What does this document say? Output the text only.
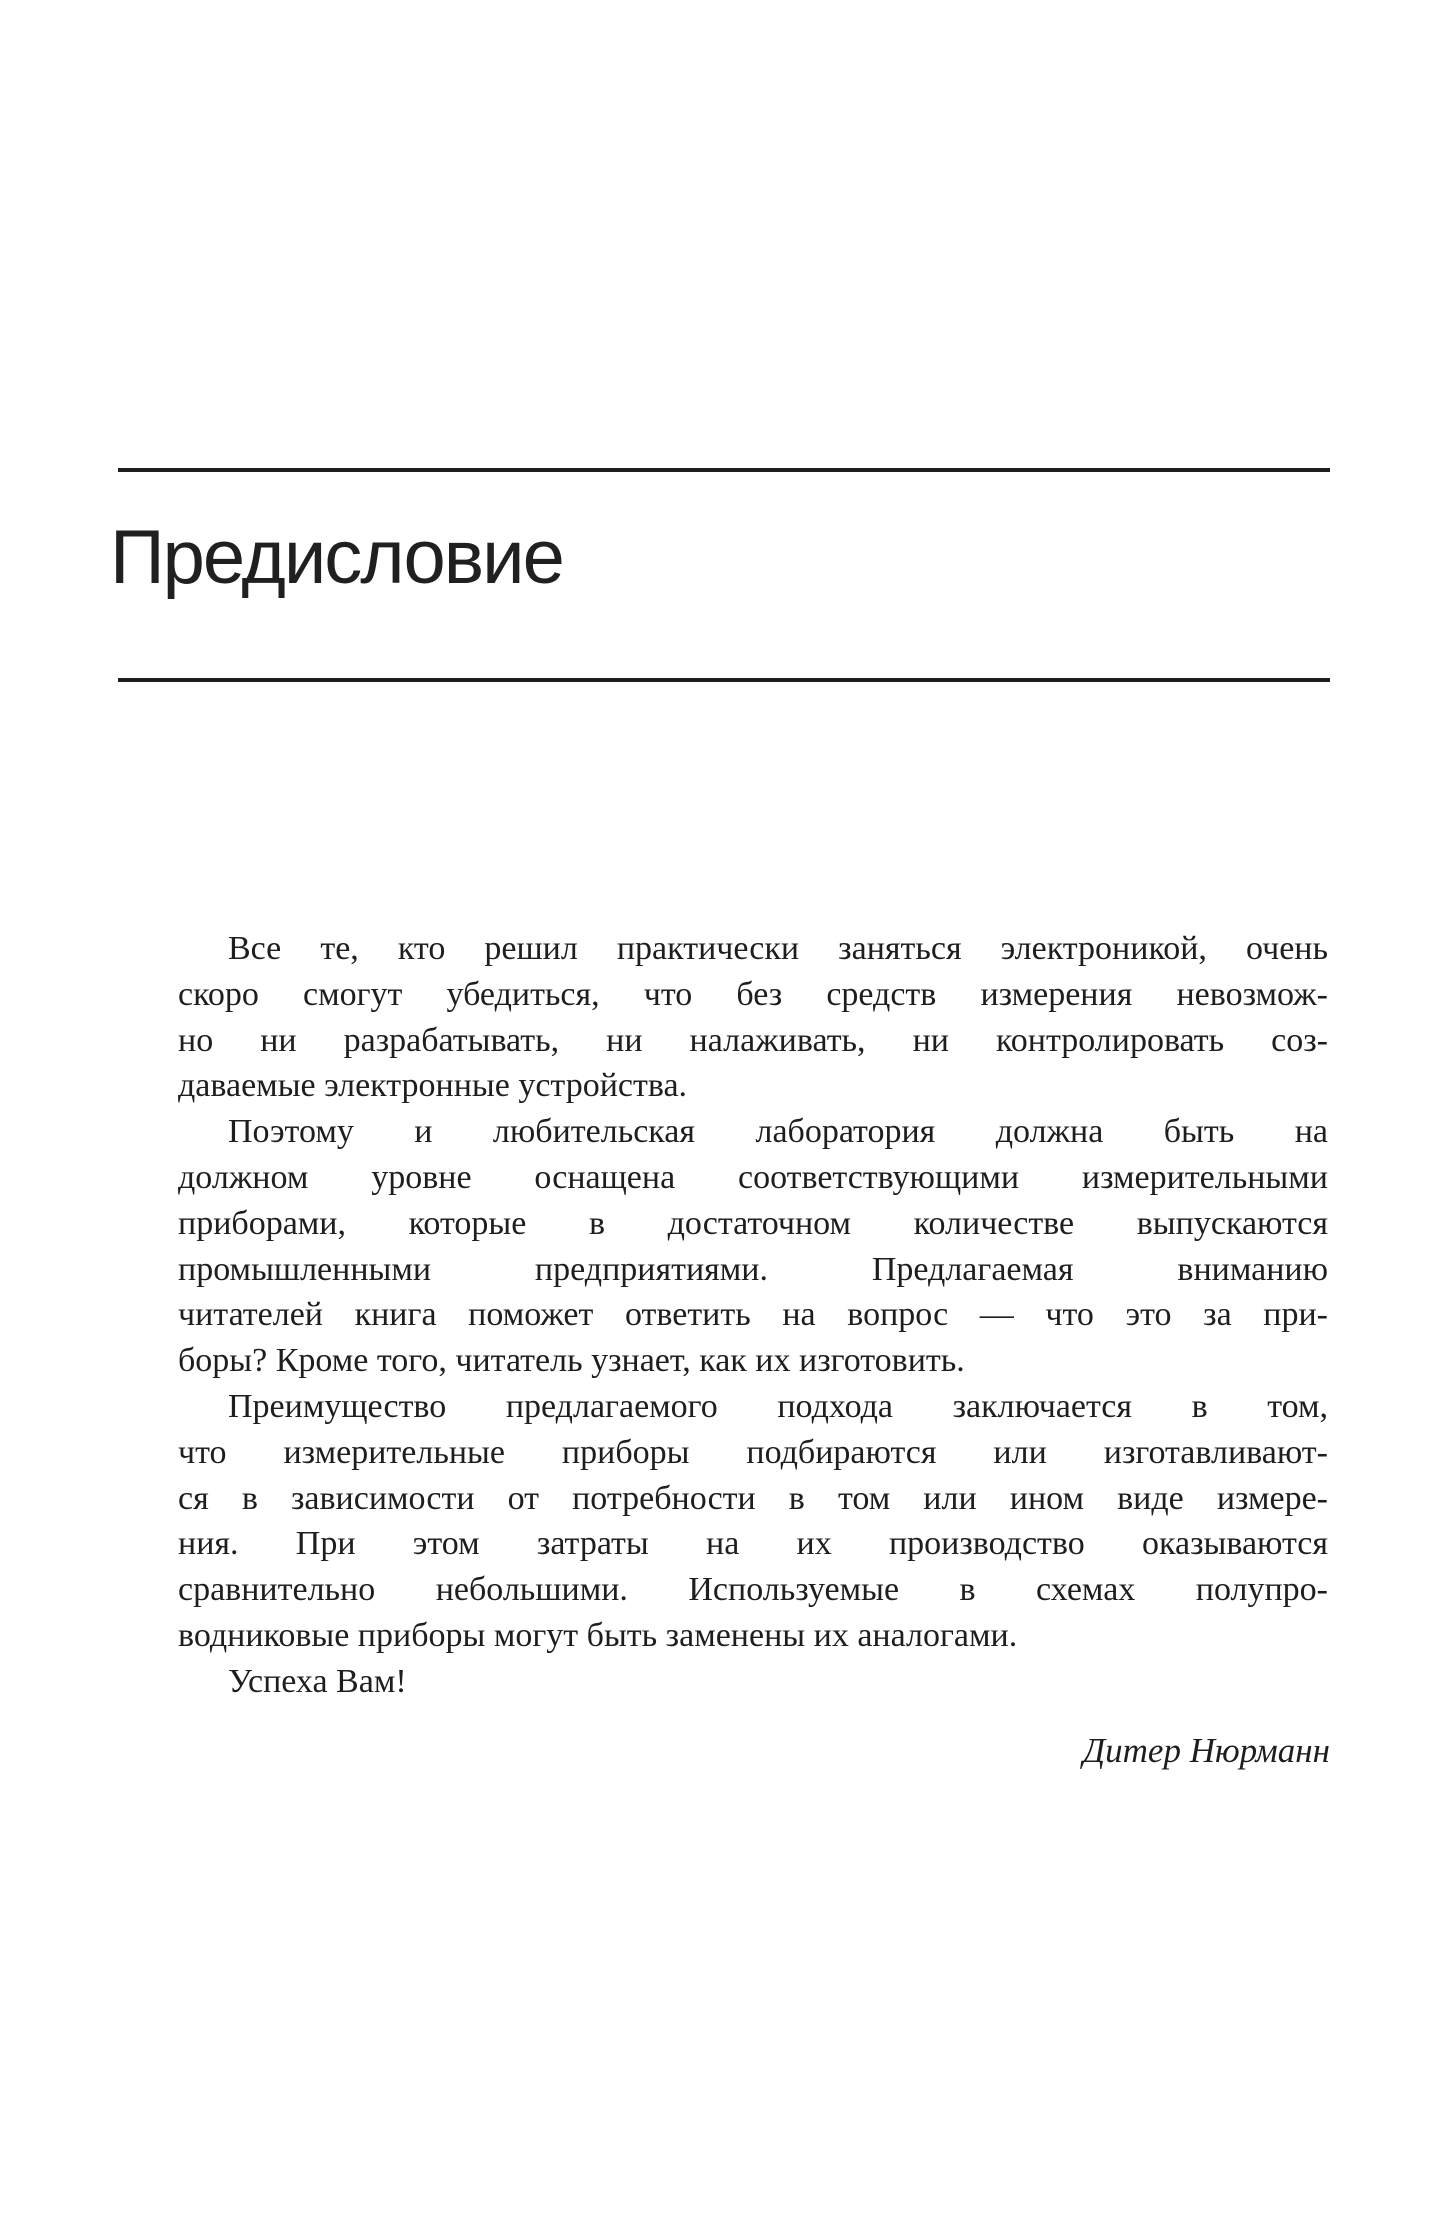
Предисловие
Все те, кто решил практически заняться электроникой, очень
скоро смогут убедиться, что без средств измерения невозмож-
но ни разрабатывать, ни налаживать, ни контролировать соз-
даваемые электронные устройства.
Поэтому и любительская лаборатория должна быть на
должном уровне оснащена соответствующими измерительными
приборами, которые в достаточном количестве выпускаются
промышленными предприятиями. Предлагаемая вниманию
читателей книга поможет ответить на вопрос — что это за при-
боры? Кроме того, читатель узнает, как их изготовить.
Преимущество предлагаемого подхода заключается в том,
что измерительные приборы подбираются или изготавливают-
ся в зависимости от потребности в том или ином виде измере-
ния. При этом затраты на их производство оказываются
сравнительно небольшими. Используемые в схемах полупро-
водниковые приборы могут быть заменены их аналогами.
Успеха Вам!

Дитер Нюрманн
